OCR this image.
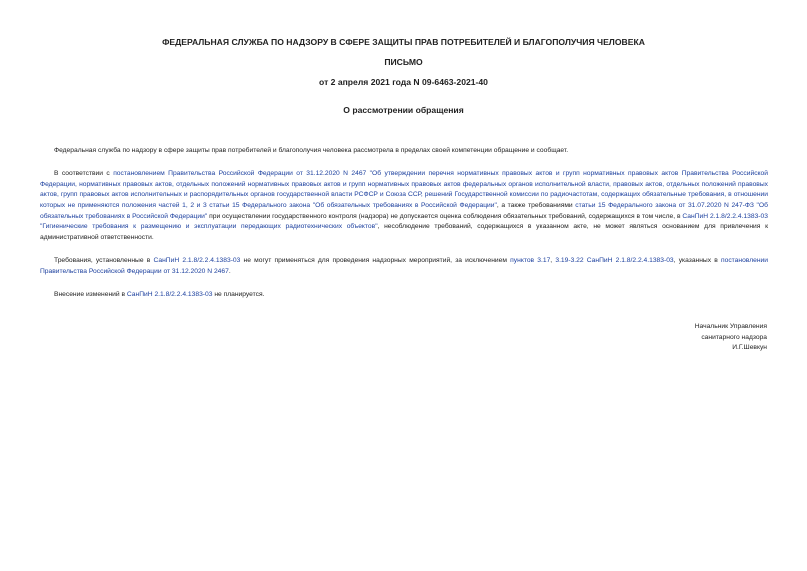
ФЕДЕРАЛЬНАЯ СЛУЖБА ПО НАДЗОРУ В СФЕРЕ ЗАЩИТЫ ПРАВ ПОТРЕБИТЕЛЕЙ И БЛАГОПОЛУЧИЯ ЧЕЛОВЕКА
ПИСЬМО
от 2 апреля 2021 года N 09-6463-2021-40
О рассмотрении обращения

Федеральная служба по надзору в сфере защиты прав потребителей и благополучия человека рассмотрела в пределах своей компетенции обращение и сообщает.

В соответствии с постановлением Правительства Российской Федерации от 31.12.2020 N 2467 "Об утверждении перечня нормативных правовых актов и групп нормативных правовых актов Правительства Российской Федерации, нормативных правовых актов, отдельных положений нормативных правовых актов и групп нормативных правовых актов федеральных органов исполнительной власти, правовых актов, отдельных положений правовых актов, групп правовых актов исполнительных и распорядительных органов государственной власти РСФСР и Союза ССР, решений Государственной комиссии по радиочастотам, содержащих обязательные требования, в отношении которых не применяются положения частей 1, 2 и 3 статьи 15 Федерального закона "Об обязательных требованиях в Российской Федерации", а также требованиями статьи 15 Федерального закона от 31.07.2020 N 247-ФЗ "Об обязательных требованиях в Российской Федерации" при осуществлении государственного контроля (надзора) не допускается оценка соблюдения обязательных требований, содержащихся в том числе, в СанПиН 2.1.8/2.2.4.1383-03 "Гигиенические требования к размещению и эксплуатации передающих радиотехнических объектов", несоблюдение требований, содержащихся в указанном акте, не может являться основанием для привлечения к административной ответственности.

Требования, установленные в СанПиН 2.1.8/2.2.4.1383-03 не могут применяться для проведения надзорных мероприятий, за исключением пунктов 3.17, 3.19-3.22 СанПиН 2.1.8/2.2.4.1383-03, указанных в постановлении Правительства Российской Федерации от 31.12.2020 N 2467.

Внесение изменений в СанПиН 2.1.8/2.2.4.1383-03 не планируется.

Начальник Управления
санитарного надзора
И.Г.Шевкун
